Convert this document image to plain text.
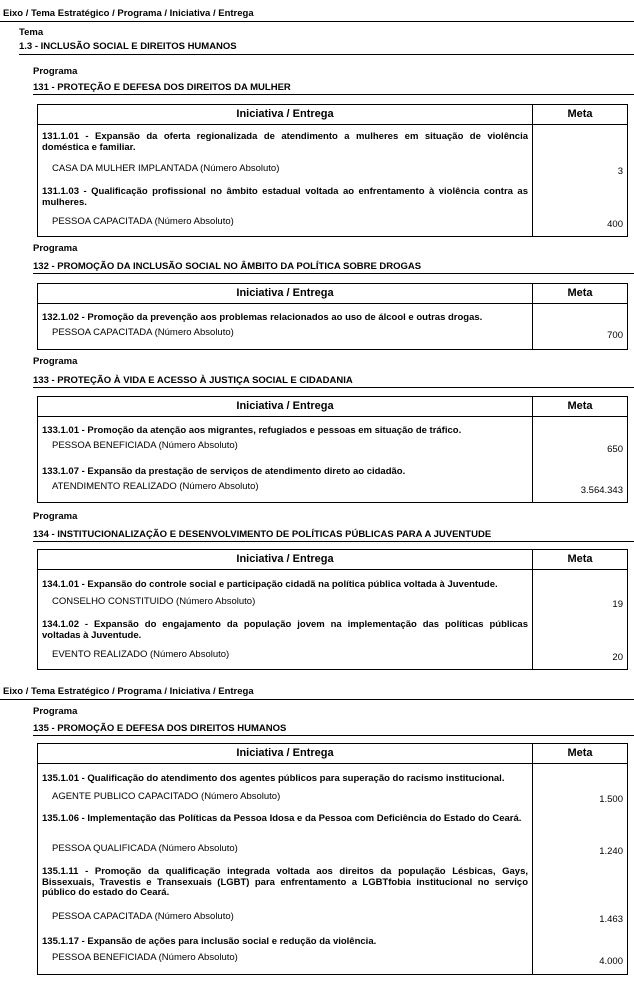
Eixo / Tema Estratégico / Programa / Iniciativa / Entrega
Tema
1.3 - INCLUSÃO SOCIAL E DIREITOS HUMANOS
Programa
131 - PROTEÇÃO E DEFESA DOS DIREITOS DA MULHER
Iniciativa / Entrega	Meta
131.1.01 - Expansão da oferta regionalizada de atendimento a mulheres em situação de violência doméstica e familiar.
CASA DA MULHER IMPLANTADA (Número Absoluto)	3
131.1.03 - Qualificação profissional no âmbito estadual voltada ao enfrentamento à violência contra as mulheres.
PESSOA CAPACITADA (Número Absoluto)	400
Programa
132 - PROMOÇÃO DA INCLUSÃO SOCIAL NO ÂMBITO DA POLÍTICA SOBRE DROGAS
Iniciativa / Entrega	Meta
132.1.02 - Promoção da prevenção aos problemas relacionados ao uso de álcool e outras drogas.
PESSOA CAPACITADA (Número Absoluto)	700
Programa
133 - PROTEÇÃO À VIDA E ACESSO À JUSTIÇA SOCIAL E CIDADANIA
Iniciativa / Entrega	Meta
133.1.01 - Promoção da atenção aos migrantes, refugiados e pessoas em situação de tráfico.
PESSOA BENEFICIADA (Número Absoluto)	650
133.1.07 - Expansão da prestação de serviços de atendimento direto ao cidadão.
ATENDIMENTO REALIZADO (Número Absoluto)	3.564.343
Programa
134 - INSTITUCIONALIZAÇÃO E DESENVOLVIMENTO DE POLÍTICAS PÚBLICAS PARA A JUVENTUDE
Iniciativa / Entrega	Meta
134.1.01 - Expansão do controle social e participação cidadã na política pública voltada à Juventude.
CONSELHO CONSTITUIDO (Número Absoluto)	19
134.1.02 - Expansão do engajamento da população jovem na implementação das políticas públicas voltadas à Juventude.
EVENTO REALIZADO (Número Absoluto)	20
Eixo / Tema Estratégico / Programa / Iniciativa / Entrega
Programa
135 - PROMOÇÃO E DEFESA DOS DIREITOS HUMANOS
Iniciativa / Entrega	Meta
135.1.01 - Qualificação do atendimento dos agentes públicos para superação do racismo institucional.
AGENTE PUBLICO CAPACITADO (Número Absoluto)	1.500
135.1.06 - Implementação das Políticas da Pessoa Idosa e da Pessoa com Deficiência do Estado do Ceará.
PESSOA QUALIFICADA (Número Absoluto)	1.240
135.1.11 - Promoção da qualificação integrada voltada aos direitos da população Lésbicas, Gays, Bissexuais, Travestis e Transexuais (LGBT) para enfrentamento a LGBTfobia institucional no serviço público do estado do Ceará.
PESSOA CAPACITADA (Número Absoluto)	1.463
135.1.17 - Expansão de ações para inclusão social e redução da violência.
PESSOA BENEFICIADA (Número Absoluto)	4.000
